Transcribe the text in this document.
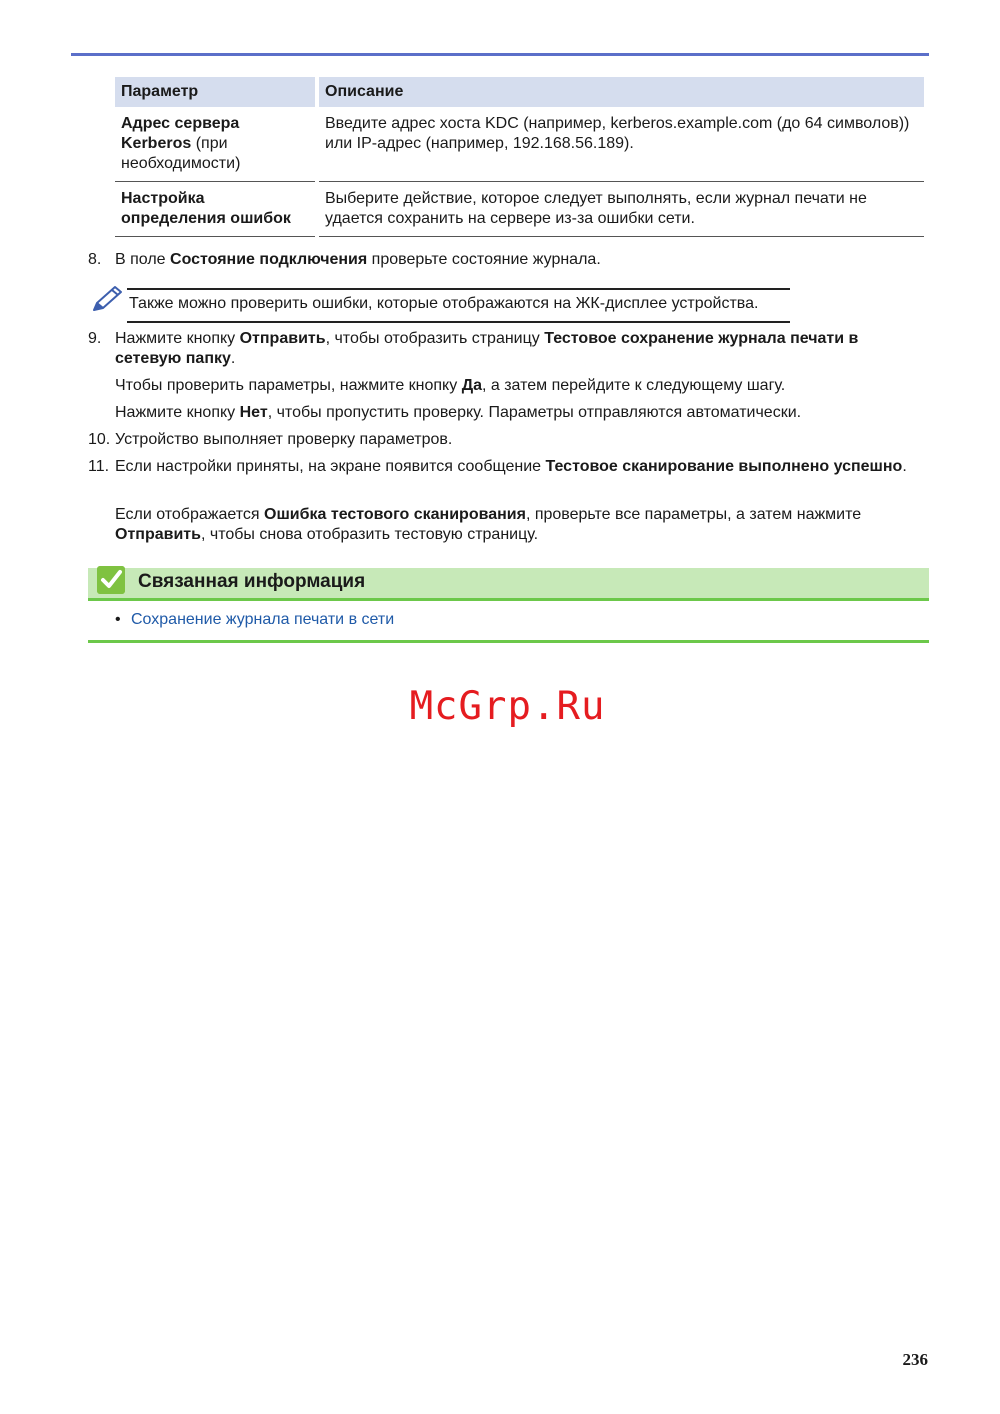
Параметр	Описание
Адрес сервера Kerberos (при необходимости)	Введите адрес хоста KDC (например, kerberos.example.com (до 64 символов)) или IP-адрес (например, 192.168.56.189).
Настройка определения ошибок	Выберите действие, которое следует выполнять, если журнал печати не удается сохранить на сервере из-за ошибки сети.
8. В поле Состояние подключения проверьте состояние журнала.
Также можно проверить ошибки, которые отображаются на ЖК-дисплее устройства.
9. Нажмите кнопку Отправить, чтобы отобразить страницу Тестовое сохранение журнала печати в сетевую папку.
Чтобы проверить параметры, нажмите кнопку Да, а затем перейдите к следующему шагу.
Нажмите кнопку Нет, чтобы пропустить проверку. Параметры отправляются автоматически.
10. Устройство выполняет проверку параметров.
11. Если настройки приняты, на экране появится сообщение Тестовое сканирование выполнено успешно.
Если отображается Ошибка тестового сканирования, проверьте все параметры, а затем нажмите Отправить, чтобы снова отобразить тестовую страницу.
Связанная информация
• Сохранение журнала печати в сети
McGrp.Ru
236
